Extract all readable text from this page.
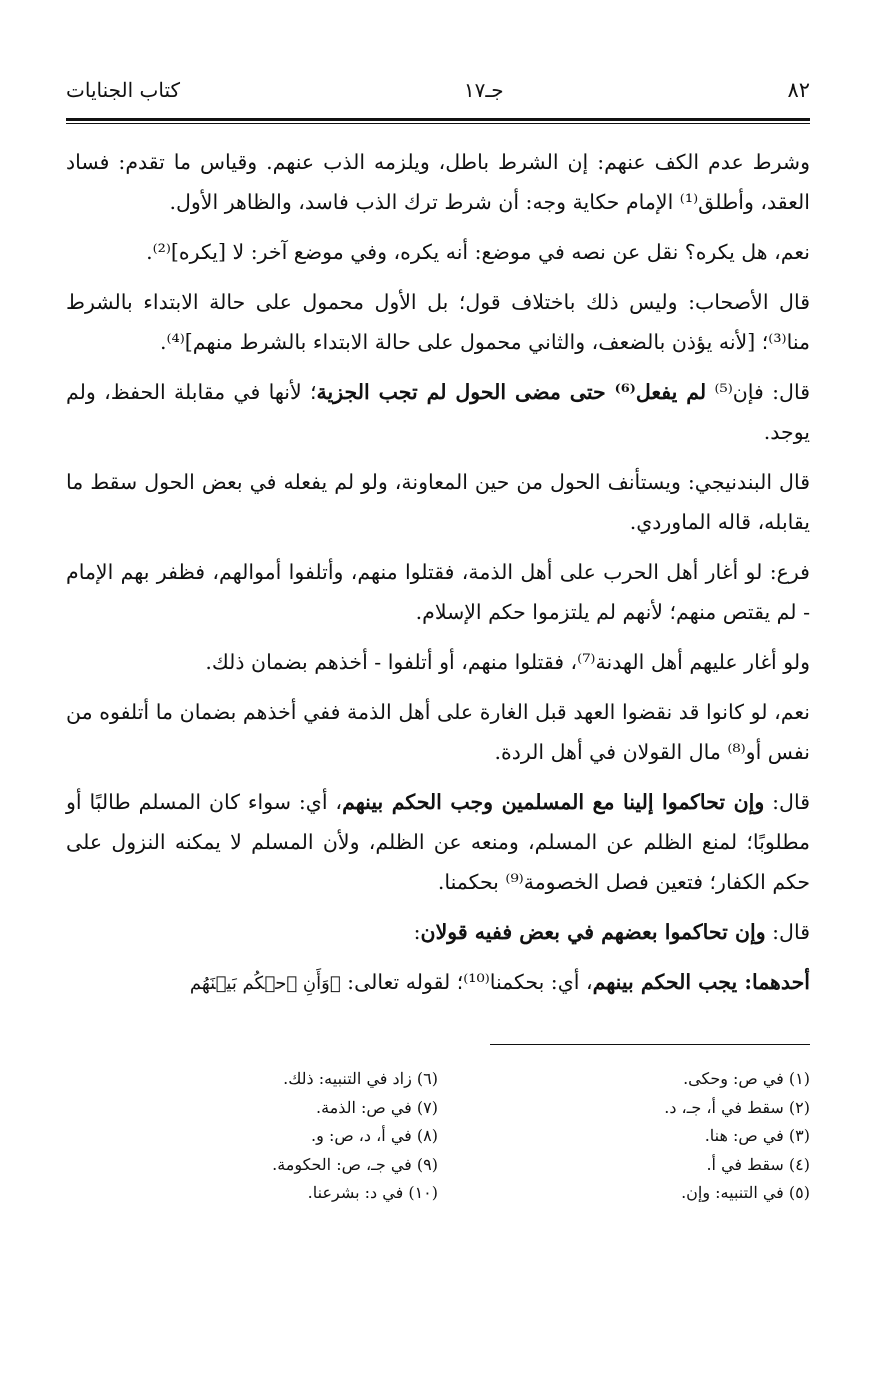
٨٢
جـ١٧
كتاب الجنايات

وشرط عدم الكف عنهم: إن الشرط باطل، ويلزمه الذب عنهم. وقياس ما تقدم: فساد العقد، وأطلق⁽¹⁾ الإمام حكاية وجه: أن شرط ترك الذب فاسد، والظاهر الأول.

نعم، هل يكره؟ نقل عن نصه في موضع: أنه يكره، وفي موضع آخر: لا [يكره]⁽²⁾.

قال الأصحاب: وليس ذلك باختلاف قول؛ بل الأول محمول على حالة الابتداء بالشرط منا⁽³⁾؛ [لأنه يؤذن بالضعف، والثاني محمول على حالة الابتداء بالشرط منهم]⁽⁴⁾.

قال: فإن⁽⁵⁾ لم يفعل⁽⁶⁾ حتى مضى الحول لم تجب الجزية؛ لأنها في مقابلة الحفظ، ولم يوجد.

قال البندنيجي: ويستأنف الحول من حين المعاونة، ولو لم يفعله في بعض الحول سقط ما يقابله، قاله الماوردي.

فرع: لو أغار أهل الحرب على أهل الذمة، فقتلوا منهم، وأتلفوا أموالهم، فظفر بهم الإمام - لم يقتص منهم؛ لأنهم لم يلتزموا حكم الإسلام.

ولو أغار عليهم أهل الهدنة⁽⁷⁾، فقتلوا منهم، أو أتلفوا - أخذهم بضمان ذلك.

نعم، لو كانوا قد نقضوا العهد قبل الغارة على أهل الذمة ففي أخذهم بضمان ما أتلفوه من نفس أو⁽⁸⁾ مال القولان في أهل الردة.

قال: وإن تحاكموا إلينا مع المسلمين وجب الحكم بينهم، أي: سواء كان المسلم طالبًا أو مطلوبًا؛ لمنع الظلم عن المسلم، ومنعه عن الظلم، ولأن المسلم لا يمكنه النزول على حكم الكفار؛ فتعين فصل الخصومة⁽⁹⁾ بحكمنا.

قال: وإن تحاكموا بعضهم في بعض ففيه قولان:

أحدهما: يجب الحكم بينهم، أي: بحكمنا⁽¹⁰⁾؛ لقوله تعالى: ﴿وَأَنِ ٱحۡكُم بَيۡنَهُم

(١) في ص: وحكى.
(٢) سقط في أ، جـ، د.
(٣) في ص: هنا.
(٤) سقط في أ.
(٥) في التنبيه: وإن.
(٦) زاد في التنبيه: ذلك.
(٧) في ص: الذمة.
(٨) في أ، د، ص: و.
(٩) في جـ، ص: الحكومة.
(١٠) في د: بشرعنا.
